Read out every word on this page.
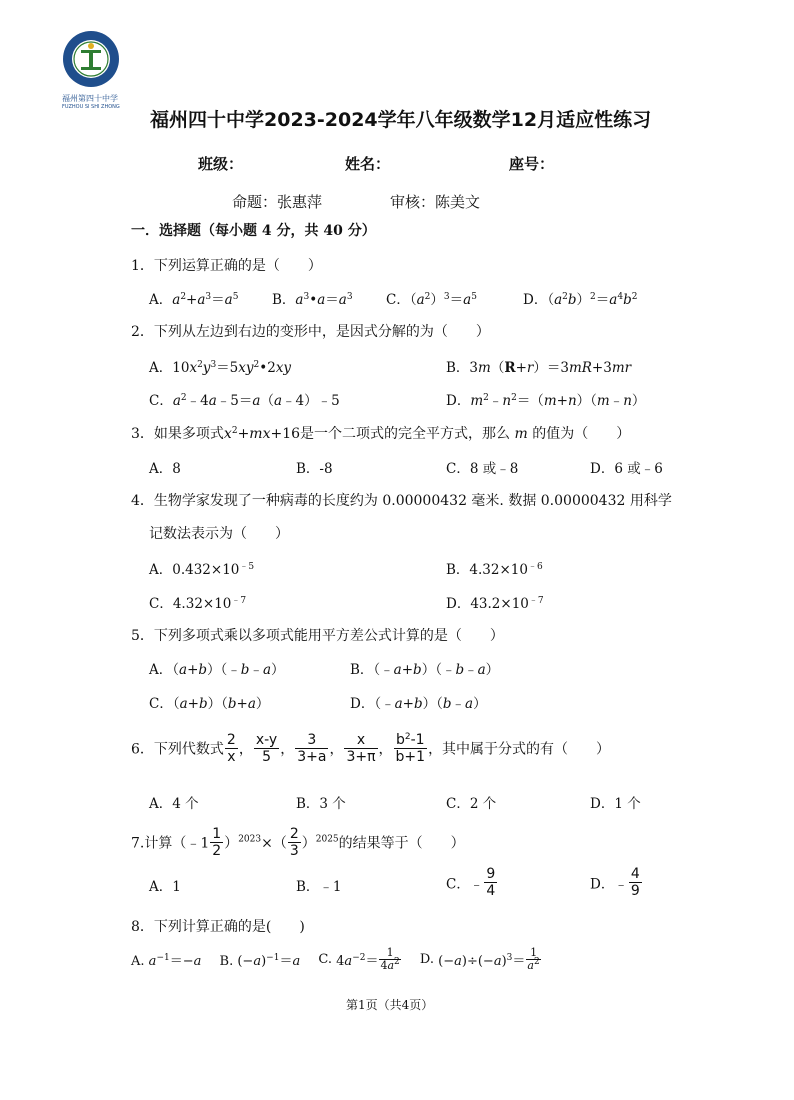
福州第四十中学
FUZHOU SI SHI ZHONG
福州四十中学2023-2024学年八年级数学12月适应性练习
班级：	姓名：	座号：
命题：张惠萍	审核：陈美文
一．选择题（每小题 4 分，共 40 分）
1．下列运算正确的是（　　）
A．$a^2+a^3=a^5$ B．$a^3•a=a^3$ C．$(a^2)^3=a^5$	D．$(a^2b)^2=a^4b^2$
2．下列从左边到右边的变形中，是因式分解的为（　　）
A．$10x^2y^3=5xy^2•2xy$	B．3m（R+r）＝3mR+3mr
C．$a^2﹣4a﹣5=a(a﹣4)﹣5$	D．$m^2﹣n^2=(m+n)(m﹣n)$
3．如果多项式$x^2+mx+16$是一个二项式的完全平方式，那么 m 的值为（　　）
A．8	B．-8	C．8 或﹣8	D．6 或﹣6
4．生物学家发现了一种病毒的长度约为 0.00000432 毫米. 数据 0.00000432 用科学
记数法表示为（　　）
A．$0.432\times 10^{﹣5}$	B．$4.32\times 10^{﹣6}$
C．$4.32\times 10^{﹣7}$	D．$43.2\times 10^{﹣7}$
5．下列多项式乘以多项式能用平方差公式计算的是（　　）
A．（a+b）（﹣b﹣a）	B．（﹣a+b）（﹣b﹣a）
C．（a+b）（b+a）	D．（﹣a+b）（b﹣a）
6．下列代数式 $\frac{2}{x}$ ， $\frac{x-y}{5}$ ， $\frac{3}{3+a}$ ， $\frac{x}{3+\pi}$ ， $\frac{b^2-1}{b+1}$ ，其中属于分式的有（　　）
A．4 个	B．3 个	C．2 个	D．1 个
7.计算（﹣1 $\frac{1}{2} )^{2023}\times( \frac{2}{3} )^{2025}$的结果等于（　　）
A．1	B．﹣1	C．﹣ $\frac{9}{4}$	D．﹣ $\frac{4}{9}$
8．下列计算正确的是(　　)
A. $a^{-1}=-a$ B. $(-a)^{-1}=a$ C. $4a^{-2}= \frac{1}{4a^2} D$. $(-a)\div(-a)^3= \frac{1}{a^2}$
第1页（共4页）
